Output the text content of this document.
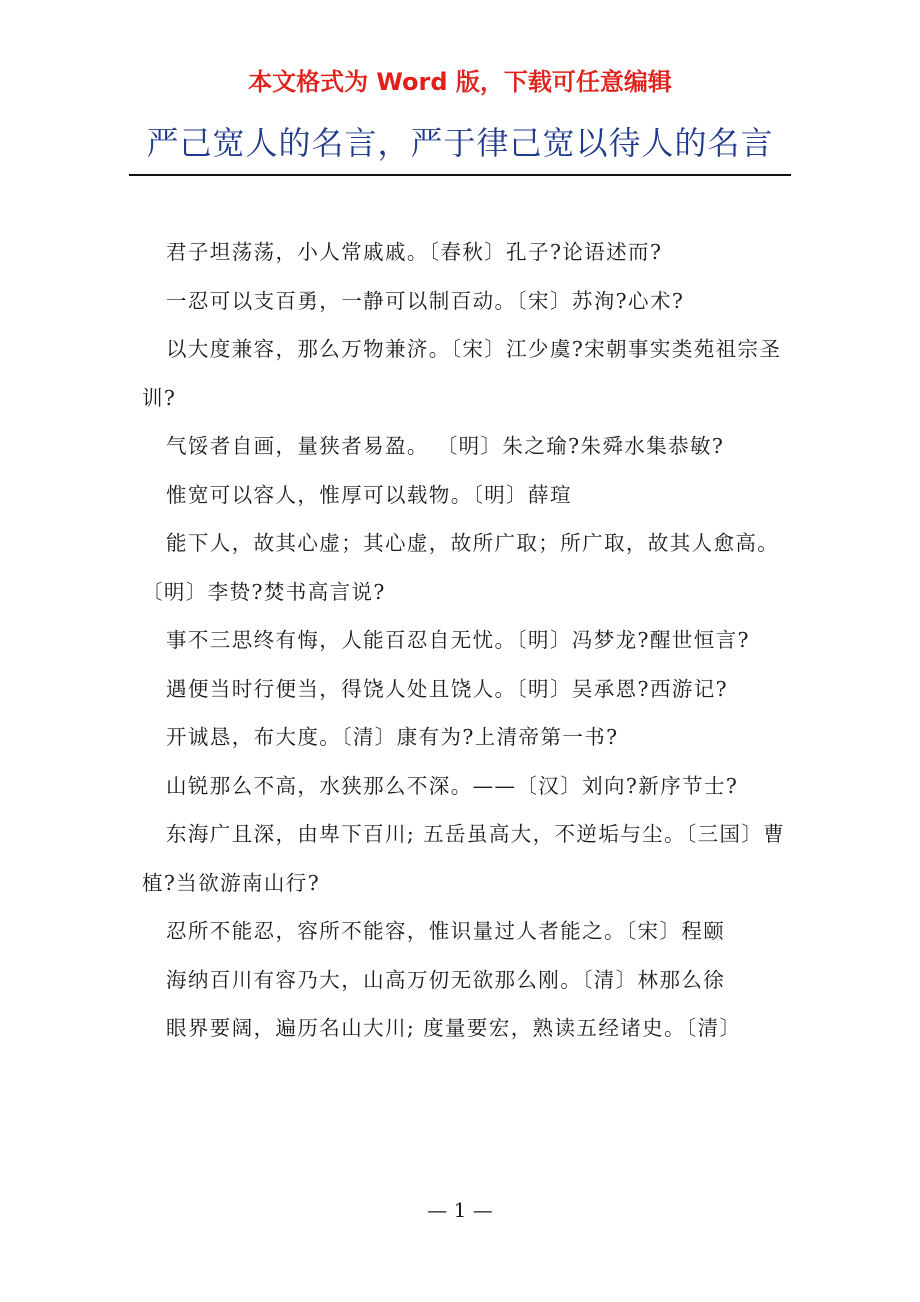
本文格式为 Word 版，下载可任意编辑
严己宽人的名言，严于律己宽以待人的名言

君子坦荡荡，小人常戚戚。〔春秋〕孔子?论语述而?

一忍可以支百勇，一静可以制百动。〔宋〕苏洵?心术?

以大度兼容，那么万物兼济。〔宋〕江少虞?宋朝事实类苑祖宗圣训?

气馁者自画，量狭者易盈。 〔明〕朱之瑜?朱舜水集恭敏?

惟宽可以容人，惟厚可以载物。〔明〕薛瑄

能下人，故其心虚；其心虚，故所广取；所广取，故其人愈高。〔明〕李贽?焚书高言说?

事不三思终有悔，人能百忍自无忧。〔明〕冯梦龙?醒世恒言?

遇便当时行便当，得饶人处且饶人。〔明〕吴承恩?西游记?

开诚恳，布大度。〔清〕康有为?上清帝第一书?

山锐那么不高，水狭那么不深。——〔汉〕刘向?新序节士?

东海广且深，由卑下百川; 五岳虽高大，不逆垢与尘。〔三国〕曹植?当欲游南山行?

忍所不能忍，容所不能容，惟识量过人者能之。〔宋〕程颐

海纳百川有容乃大，山高万仞无欲那么刚。〔清〕林那么徐

眼界要阔，遍历名山大川; 度量要宏，熟读五经诸史。〔清〕

— 1 —
